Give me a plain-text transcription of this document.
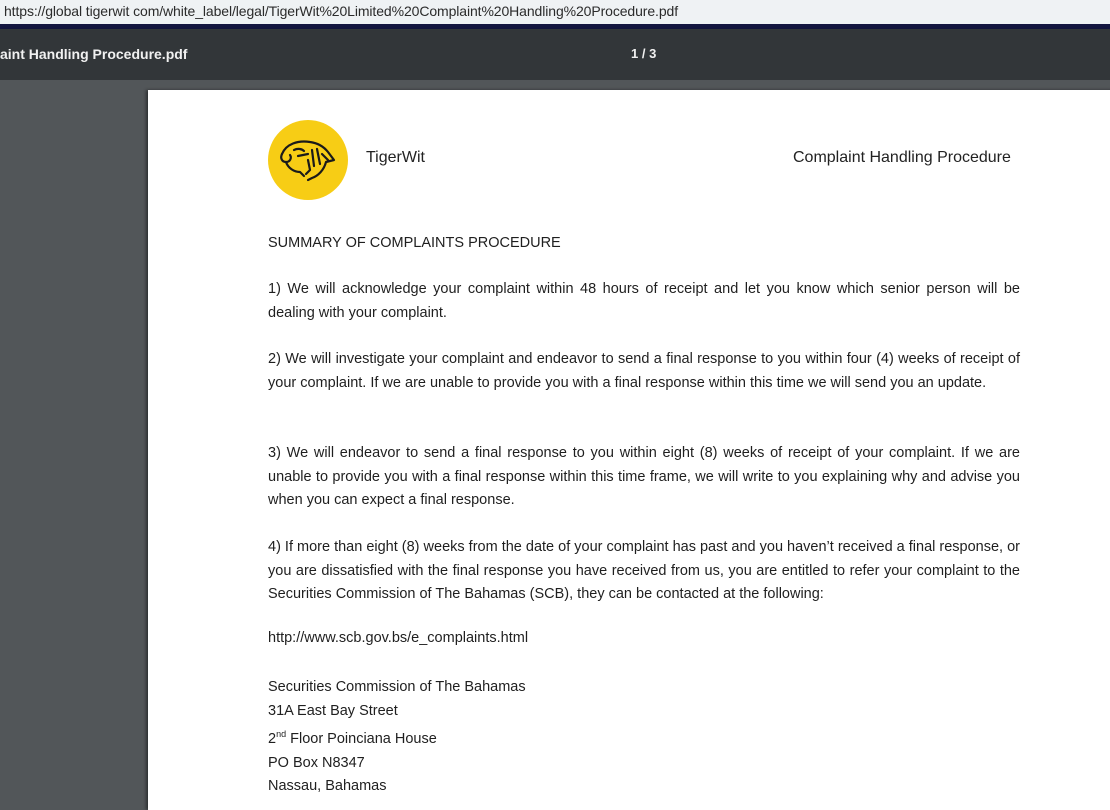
https://global tigerwit com/white_label/legal/TigerWit%20Limited%20Complaint%20Handling%20Procedure.pdf
aint Handling Procedure.pdf	1 / 3
TigerWit	Complaint Handling Procedure
SUMMARY OF COMPLAINTS PROCEDURE
1) We will acknowledge your complaint within 48 hours of receipt and let you know which senior person will be dealing with your complaint.
2) We will investigate your complaint and endeavor to send a final response to you within four (4) weeks of receipt of your complaint. If we are unable to provide you with a final response within this time we will send you an update.
3) We will endeavor to send a final response to you within eight (8) weeks of receipt of your complaint. If we are unable to provide you with a final response within this time frame, we will write to you explaining why and advise you when you can expect a final response.
4) If more than eight (8) weeks from the date of your complaint has past and you haven’t received a final response, or you are dissatisfied with the final response you have received from us, you are entitled to refer your complaint to the Securities Commission of The Bahamas (SCB), they can be contacted at the following:
http://www.scb.gov.bs/e_complaints.html
Securities Commission of The Bahamas
31A East Bay Street
2nd Floor Poinciana House
PO Box N8347
Nassau, Bahamas
